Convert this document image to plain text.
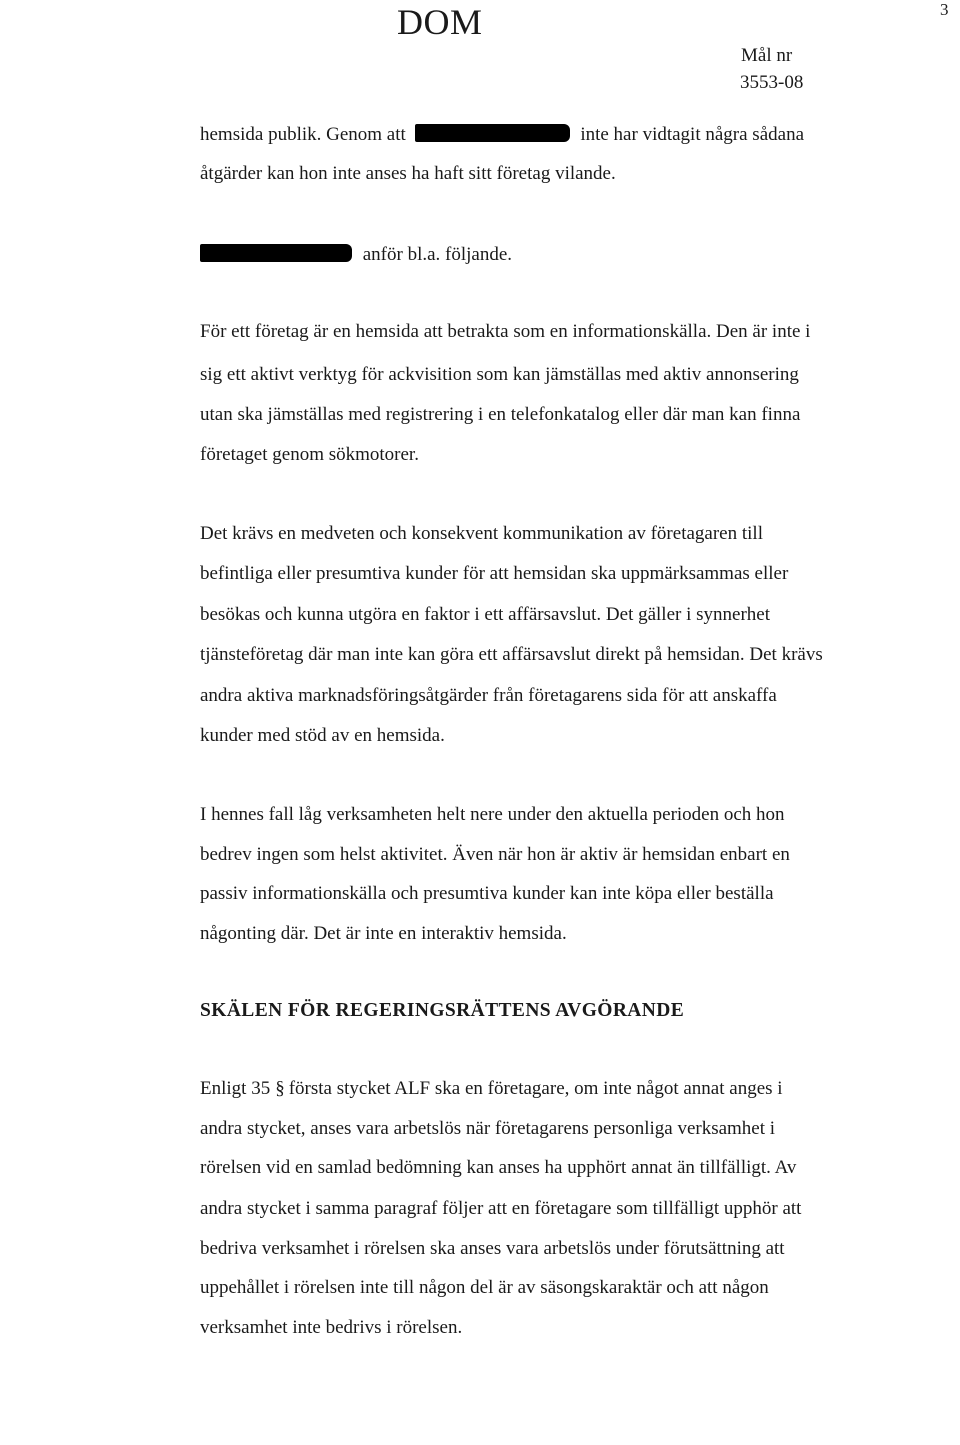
DOM	3
Mål nr
3553-08
hemsida publik. Genom att	inte har vidtagit några sådana
åtgärder kan hon inte anses ha haft sitt företag vilande.
anför bl.a. följande.
För ett företag är en hemsida att betrakta som en informationskälla. Den är inte i
sig ett aktivt verktyg för ackvisition som kan jämställas med aktiv annonsering
utan ska jämställas med registrering i en telefonkatalog eller där man kan finna
företaget genom sökmotorer.
Det krävs en medveten och konsekvent kommunikation av företagaren till
befintliga eller presumtiva kunder för att hemsidan ska uppmärksammas eller
besökas och kunna utgöra en faktor i ett affärsavslut. Det gäller i synnerhet
tjänsteföretag där man inte kan göra ett affärsavslut direkt på hemsidan. Det krävs
andra aktiva marknadsföringsåtgärder från företagarens sida för att anskaffa
kunder med stöd av en hemsida.
I hennes fall låg verksamheten helt nere under den aktuella perioden och hon
bedrev ingen som helst aktivitet. Även när hon är aktiv är hemsidan enbart en
passiv informationskälla och presumtiva kunder kan inte köpa eller beställa
någonting där. Det är inte en interaktiv hemsida.
SKÄLEN FÖR REGERINGSRÄTTENS AVGÖRANDE
Enligt 35 § första stycket ALF ska en företagare, om inte något annat anges i
andra stycket, anses vara arbetslös när företagarens personliga verksamhet i
rörelsen vid en samlad bedömning kan anses ha upphört annat än tillfälligt. Av
andra stycket i samma paragraf följer att en företagare som tillfälligt upphör att
bedriva verksamhet i rörelsen ska anses vara arbetslös under förutsättning att
uppehållet i rörelsen inte till någon del är av säsongskaraktär och att någon
verksamhet inte bedrivs i rörelsen.
